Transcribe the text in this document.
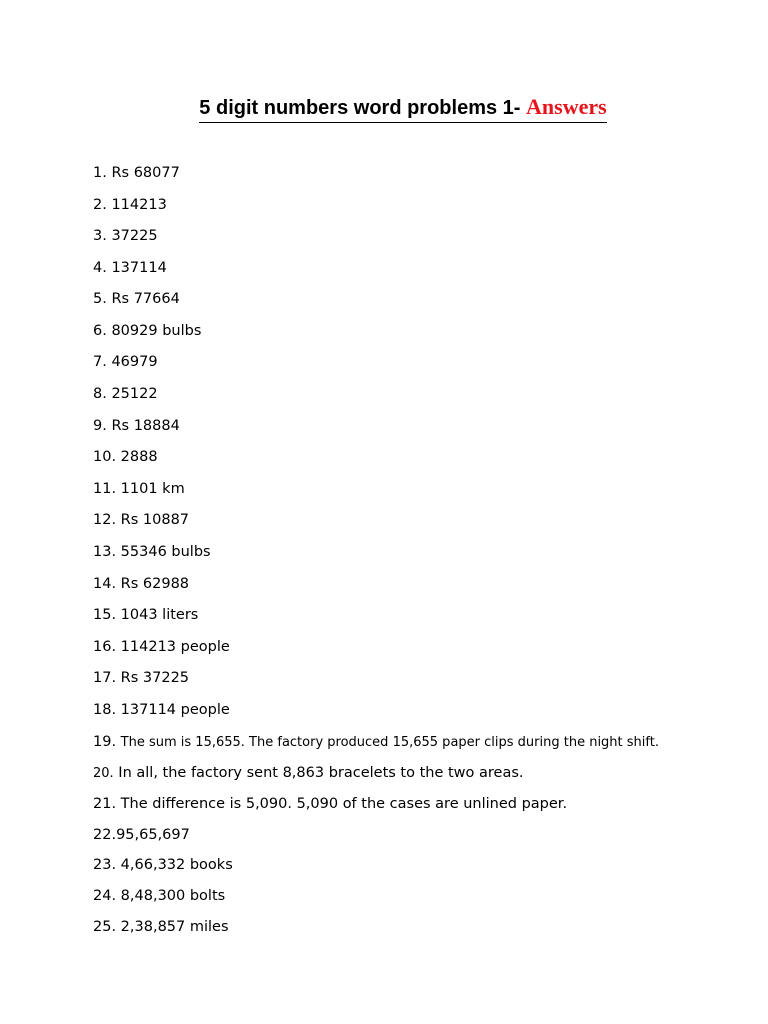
5 digit numbers word problems 1- Answers
1. Rs 68077
2. 114213
3. 37225
4. 137114
5. Rs 77664
6. 80929 bulbs
7. 46979
8. 25122
9. Rs 18884
10. 2888
11. 1101 km
12. Rs 10887
13. 55346 bulbs
14. Rs 62988
15. 1043 liters
16. 114213 people
17. Rs 37225
18. 137114 people
19. The sum is 15,655. The factory produced 15,655 paper clips during the night shift.
20. In all, the factory sent 8,863 bracelets to the two areas.
21. The difference is 5,090. 5,090 of the cases are unlined paper.
22.95,65,697
23. 4,66,332 books
24. 8,48,300 bolts
25. 2,38,857 miles
